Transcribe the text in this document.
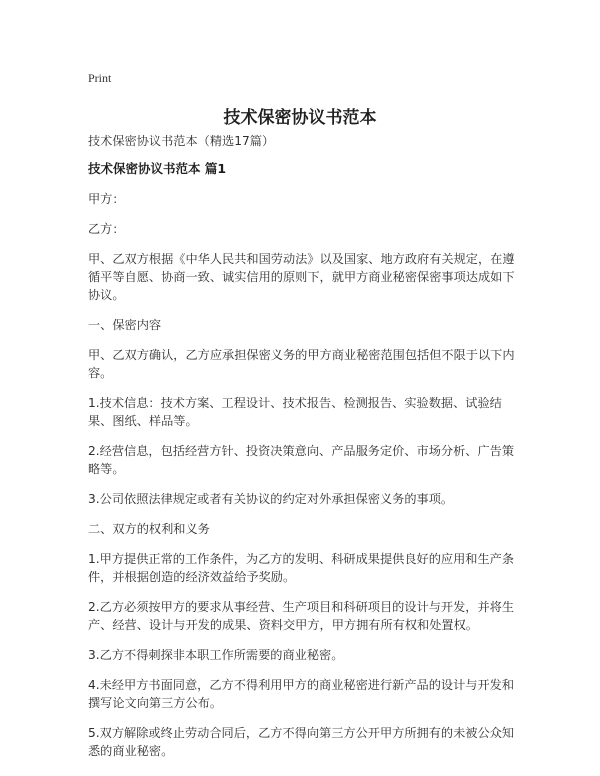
Print
技术保密协议书范本

技术保密协议书范本（精选17篇）

技术保密协议书范本 篇1

甲方：

乙方：

甲、乙双方根据《中华人民共和国劳动法》以及国家、地方政府有关规定，在遵循平等自愿、协商一致、诚实信用的原则下，就甲方商业秘密保密事项达成如下协议。

一、保密内容

甲、乙双方确认，乙方应承担保密义务的甲方商业秘密范围包括但不限于以下内容。

1.技术信息：技术方案、工程设计、技术报告、检测报告、实验数据、试验结果、图纸、样品等。

2.经营信息，包括经营方针、投资决策意向、产品服务定价、市场分析、广告策略等。

3.公司依照法律规定或者有关协议的约定对外承担保密义务的事项。

二、双方的权利和义务

1.甲方提供正常的工作条件，为乙方的发明、科研成果提供良好的应用和生产条件，并根据创造的经济效益给予奖励。

2.乙方必须按甲方的要求从事经营、生产项目和科研项目的设计与开发，并将生产、经营、设计与开发的成果、资料交甲方，甲方拥有所有权和处置权。

3.乙方不得刺探非本职工作所需要的商业秘密。

4.未经甲方书面同意，乙方不得利用甲方的商业秘密进行新产品的设计与开发和撰写论文向第三方公布。

5.双方解除或终止劳动合同后，乙方不得向第三方公开甲方所拥有的未被公众知悉的商业秘密。
